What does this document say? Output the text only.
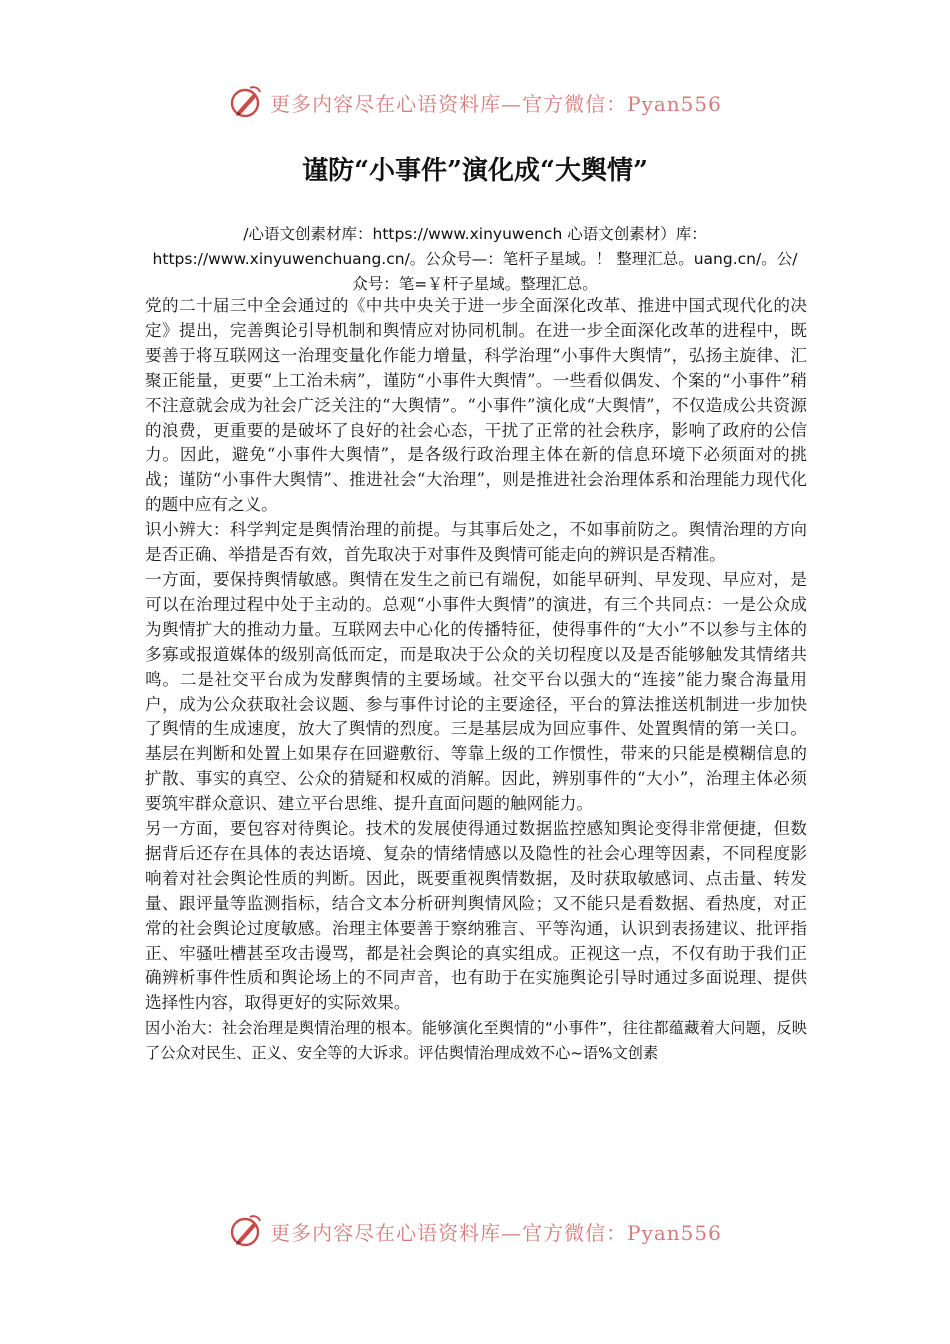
更多内容尽在心语资料库—官方微信：Pyan556
谨防“小事件”演化成“大舆情”
/心语文创素材库：https://www.xinyuwench 心语文创素材）库：https://www.xinyuwenchuang.cn/。公众号—：笔杆子星域。！ 整理汇总。uang.cn/。公/众号：笔=￥杆子星域。整理汇总。

党的二十届三中全会通过的《中共中央关于进一步全面深化改革、推进中国式现代化的决定》提出，完善舆论引导机制和舆情应对协同机制。在进一步全面深化改革的进程中，既要善于将互联网这一治理变量化作能力增量，科学治理“小事件大舆情”，弘扬主旋律、汇聚正能量，更要“上工治未病”，谨防“小事件大舆情”。一些看似偶发、个案的“小事件”稍不注意就会成为社会广泛关注的“大舆情”。“小事件”演化成“大舆情”，不仅造成公共资源的浪费，更重要的是破坏了良好的社会心态，干扰了正常的社会秩序，影响了政府的公信力。因此，避免“小事件大舆情”，是各级行政治理主体在新的信息环境下必须面对的挑战；谨防“小事件大舆情”、推进社会“大治理”，则是推进社会治理体系和治理能力现代化的题中应有之义。

识小辨大：科学判定是舆情治理的前提。与其事后处之，不如事前防之。舆情治理的方向是否正确、举措是否有效，首先取决于对事件及舆情可能走向的辨识是否精准。

一方面，要保持舆情敏感。舆情在发生之前已有端倪，如能早研判、早发现、早应对，是可以在治理过程中处于主动的。总观“小事件大舆情”的演进，有三个共同点：一是公众成为舆情扩大的推动力量。互联网去中心化的传播特征，使得事件的“大小”不以参与主体的多寡或报道媒体的级别高低而定，而是取决于公众的关切程度以及是否能够触发其情绪共鸣。二是社交平台成为发酵舆情的主要场域。社交平台以强大的“连接”能力聚合海量用户，成为公众获取社会议题、参与事件讨论的主要途径，平台的算法推送机制进一步加快了舆情的生成速度，放大了舆情的烈度。三是基层成为回应事件、处置舆情的第一关口。基层在判断和处置上如果存在回避敷衍、等靠上级的工作惯性，带来的只能是模糊信息的扩散、事实的真空、公众的猜疑和权威的消解。因此，辨别事件的“大小”，治理主体必须要筑牢群众意识、建立平台思维、提升直面问题的触网能力。

另一方面，要包容对待舆论。技术的发展使得通过数据监控感知舆论变得非常便捷，但数据背后还存在具体的表达语境、复杂的情绪情感以及隐性的社会心理等因素，不同程度影响着对社会舆论性质的判断。因此，既要重视舆情数据，及时获取敏感词、点击量、转发量、跟评量等监测指标，结合文本分析研判舆情风险；又不能只是看数据、看热度，对正常的社会舆论过度敏感。治理主体要善于察纳雅言、平等沟通，认识到表扬建议、批评指正、牢骚吐槽甚至攻击谩骂，都是社会舆论的真实组成。正视这一点，不仅有助于我们正确辨析事件性质和舆论场上的不同声音，也有助于在实施舆论引导时通过多面说理、提供选择性内容，取得更好的实际效果。

因小治大：社会治理是舆情治理的根本。能够演化至舆情的“小事件”，往往都蕴藏着大问题，反映了公众对民生、正义、安全等的大诉求。评估舆情治理成效不心~语%文创素

更多内容尽在心语资料库—官方微信：Pyan556
